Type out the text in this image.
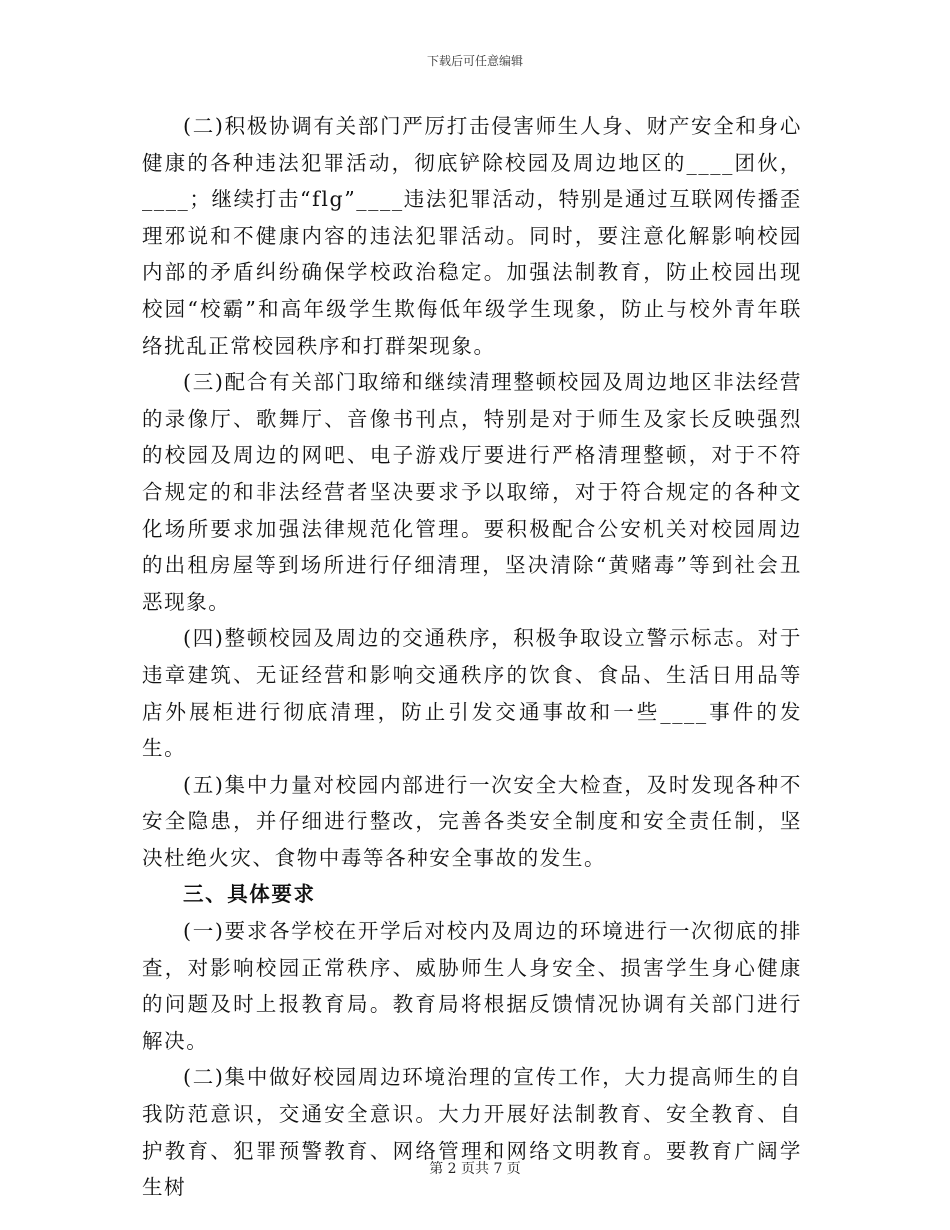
下载后可任意编辑

(二)积极协调有关部门严厉打击侵害师生人身、财产安全和身心健康的各种违法犯罪活动，彻底铲除校园及周边地区的____团伙，____；继续打击“flg”____违法犯罪活动，特别是通过互联网传播歪理邪说和不健康内容的违法犯罪活动。同时，要注意化解影响校园内部的矛盾纠纷确保学校政治稳定。加强法制教育，防止校园出现校园“校霸”和高年级学生欺侮低年级学生现象，防止与校外青年联络扰乱正常校园秩序和打群架现象。

(三)配合有关部门取缔和继续清理整顿校园及周边地区非法经营的录像厅、歌舞厅、音像书刊点，特别是对于师生及家长反映强烈的校园及周边的网吧、电子游戏厅要进行严格清理整顿，对于不符合规定的和非法经营者坚决要求予以取缔，对于符合规定的各种文化场所要求加强法律规范化管理。要积极配合公安机关对校园周边的出租房屋等到场所进行仔细清理，坚决清除“黄赌毒”等到社会丑恶现象。

(四)整顿校园及周边的交通秩序，积极争取设立警示标志。对于违章建筑、无证经营和影响交通秩序的饮食、食品、生活日用品等店外展柜进行彻底清理，防止引发交通事故和一些____事件的发生。

(五)集中力量对校园内部进行一次安全大检查，及时发现各种不安全隐患，并仔细进行整改，完善各类安全制度和安全责任制，坚决杜绝火灾、食物中毒等各种安全事故的发生。

三、具体要求

(一)要求各学校在开学后对校内及周边的环境进行一次彻底的排查，对影响校园正常秩序、威胁师生人身安全、损害学生身心健康的问题及时上报教育局。教育局将根据反馈情况协调有关部门进行解决。

(二)集中做好校园周边环境治理的宣传工作，大力提高师生的自我防范意识，交通安全意识。大力开展好法制教育、安全教育、自护教育、犯罪预警教育、网络管理和网络文明教育。要教育广阔学生树

第 2 页共 7 页
